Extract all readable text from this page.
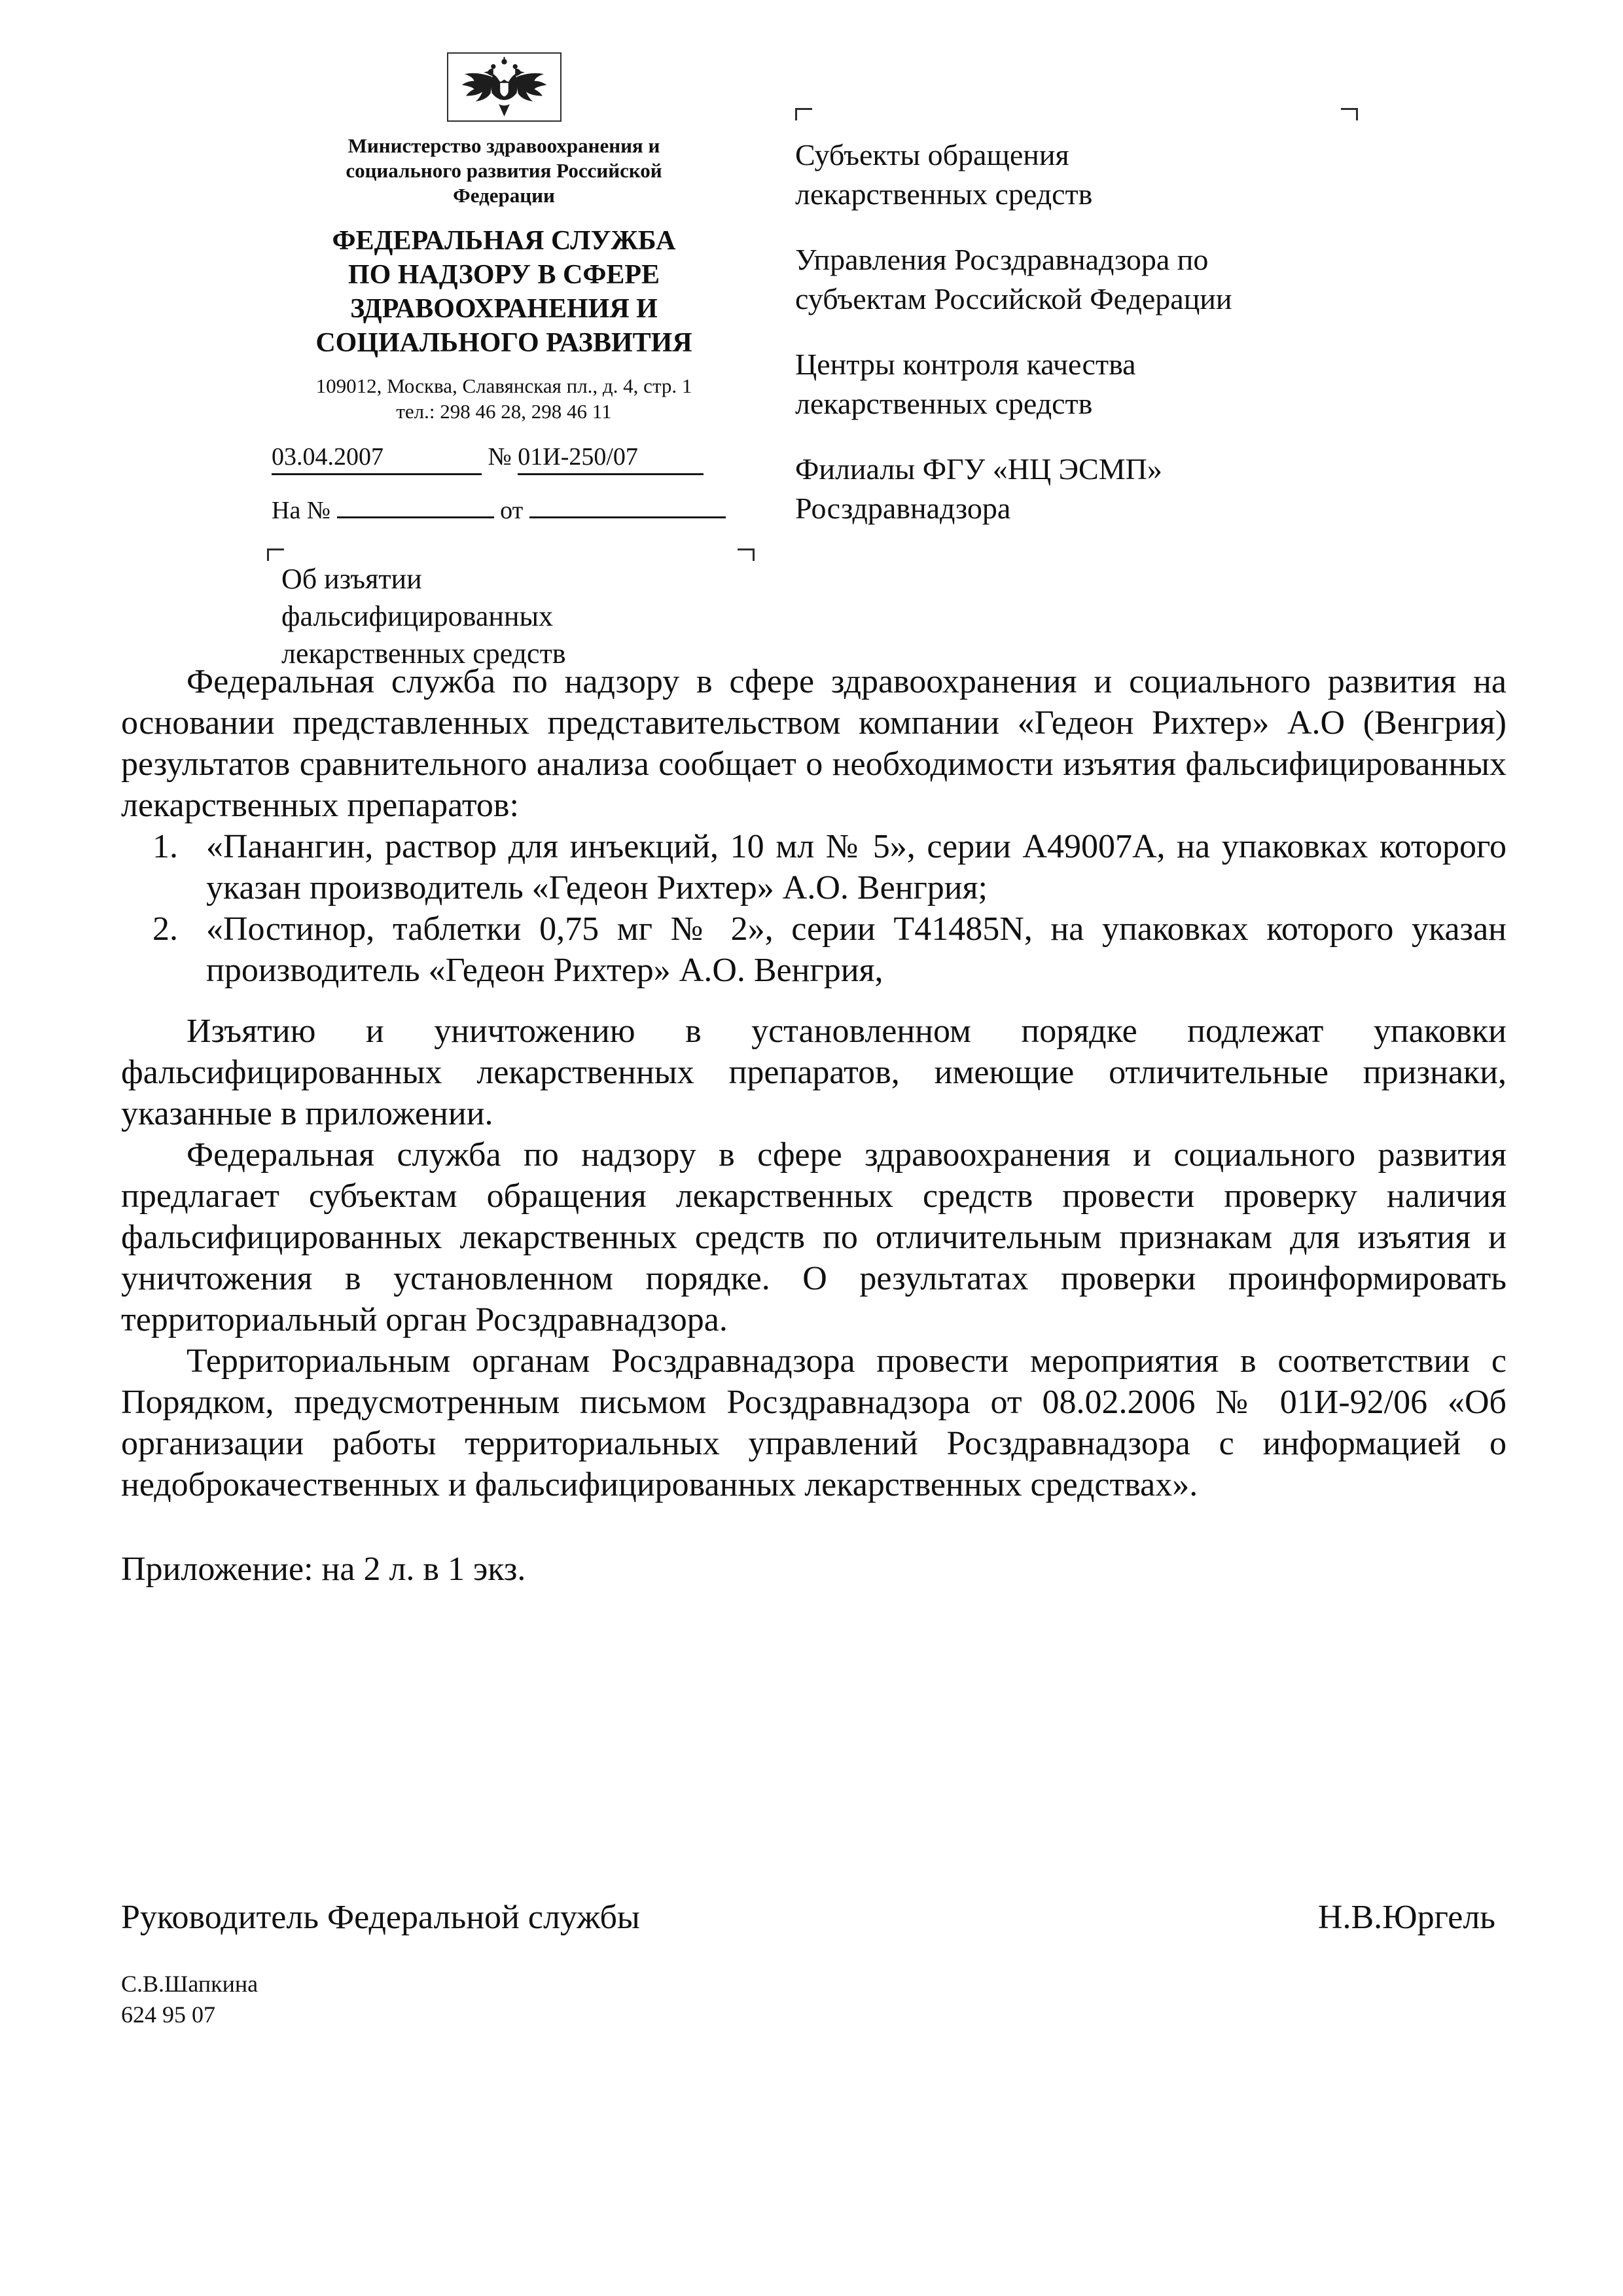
Министерство здравоохранения и социального развития Российской Федерации
ФЕДЕРАЛЬНАЯ СЛУЖБА ПО НАДЗОРУ В СФЕРЕ ЗДРАВООХРАНЕНИЯ И СОЦИАЛЬНОГО РАЗВИТИЯ
109012, Москва, Славянская пл., д. 4, стр. 1
тел.: 298 46 28, 298 46 11
03.04.2007	№ 01И-250/07
На №	от
Об изъятии фальсифицированных лекарственных средств
Субъекты обращения лекарственных средств
Управления Росздравнадзора по субъектам Российской Федерации
Центры контроля качества лекарственных средств
Филиалы ФГУ «НЦ ЭСМП» Росздравнадзора

Федеральная служба по надзору в сфере здравоохранения и социального развития на основании представленных представительством компании «Гедеон Рихтер» А.О (Венгрия) результатов сравнительного анализа сообщает о необходимости изъятия фальсифицированных лекарственных препаратов:

1. «Панангин, раствор для инъекций, 10 мл № 5», серии А49007А, на упаковках которого указан производитель «Гедеон Рихтер» А.О. Венгрия;
2. «Постинор, таблетки 0,75 мг № 2», серии Т41485N, на упаковках которого указан производитель «Гедеон Рихтер» А.О. Венгрия,

Изъятию и уничтожению в установленном порядке подлежат упаковки фальсифицированных лекарственных препаратов, имеющие отличительные признаки, указанные в приложении.

Федеральная служба по надзору в сфере здравоохранения и социального развития предлагает субъектам обращения лекарственных средств провести проверку наличия фальсифицированных лекарственных средств по отличительным признакам для изъятия и уничтожения в установленном порядке. О результатах проверки проинформировать территориальный орган Росздравнадзора.

Территориальным органам Росздравнадзора провести мероприятия в соответствии с Порядком, предусмотренным письмом Росздравнадзора от 08.02.2006 № 01И-92/06 «Об организации работы территориальных управлений Росздравнадзора с информацией о недоброкачественных и фальсифицированных лекарственных средствах».

Приложение: на 2 л. в 1 экз.

Руководитель Федеральной службы	Н.В.Юргель
С.В.Шапкина
624 95 07
